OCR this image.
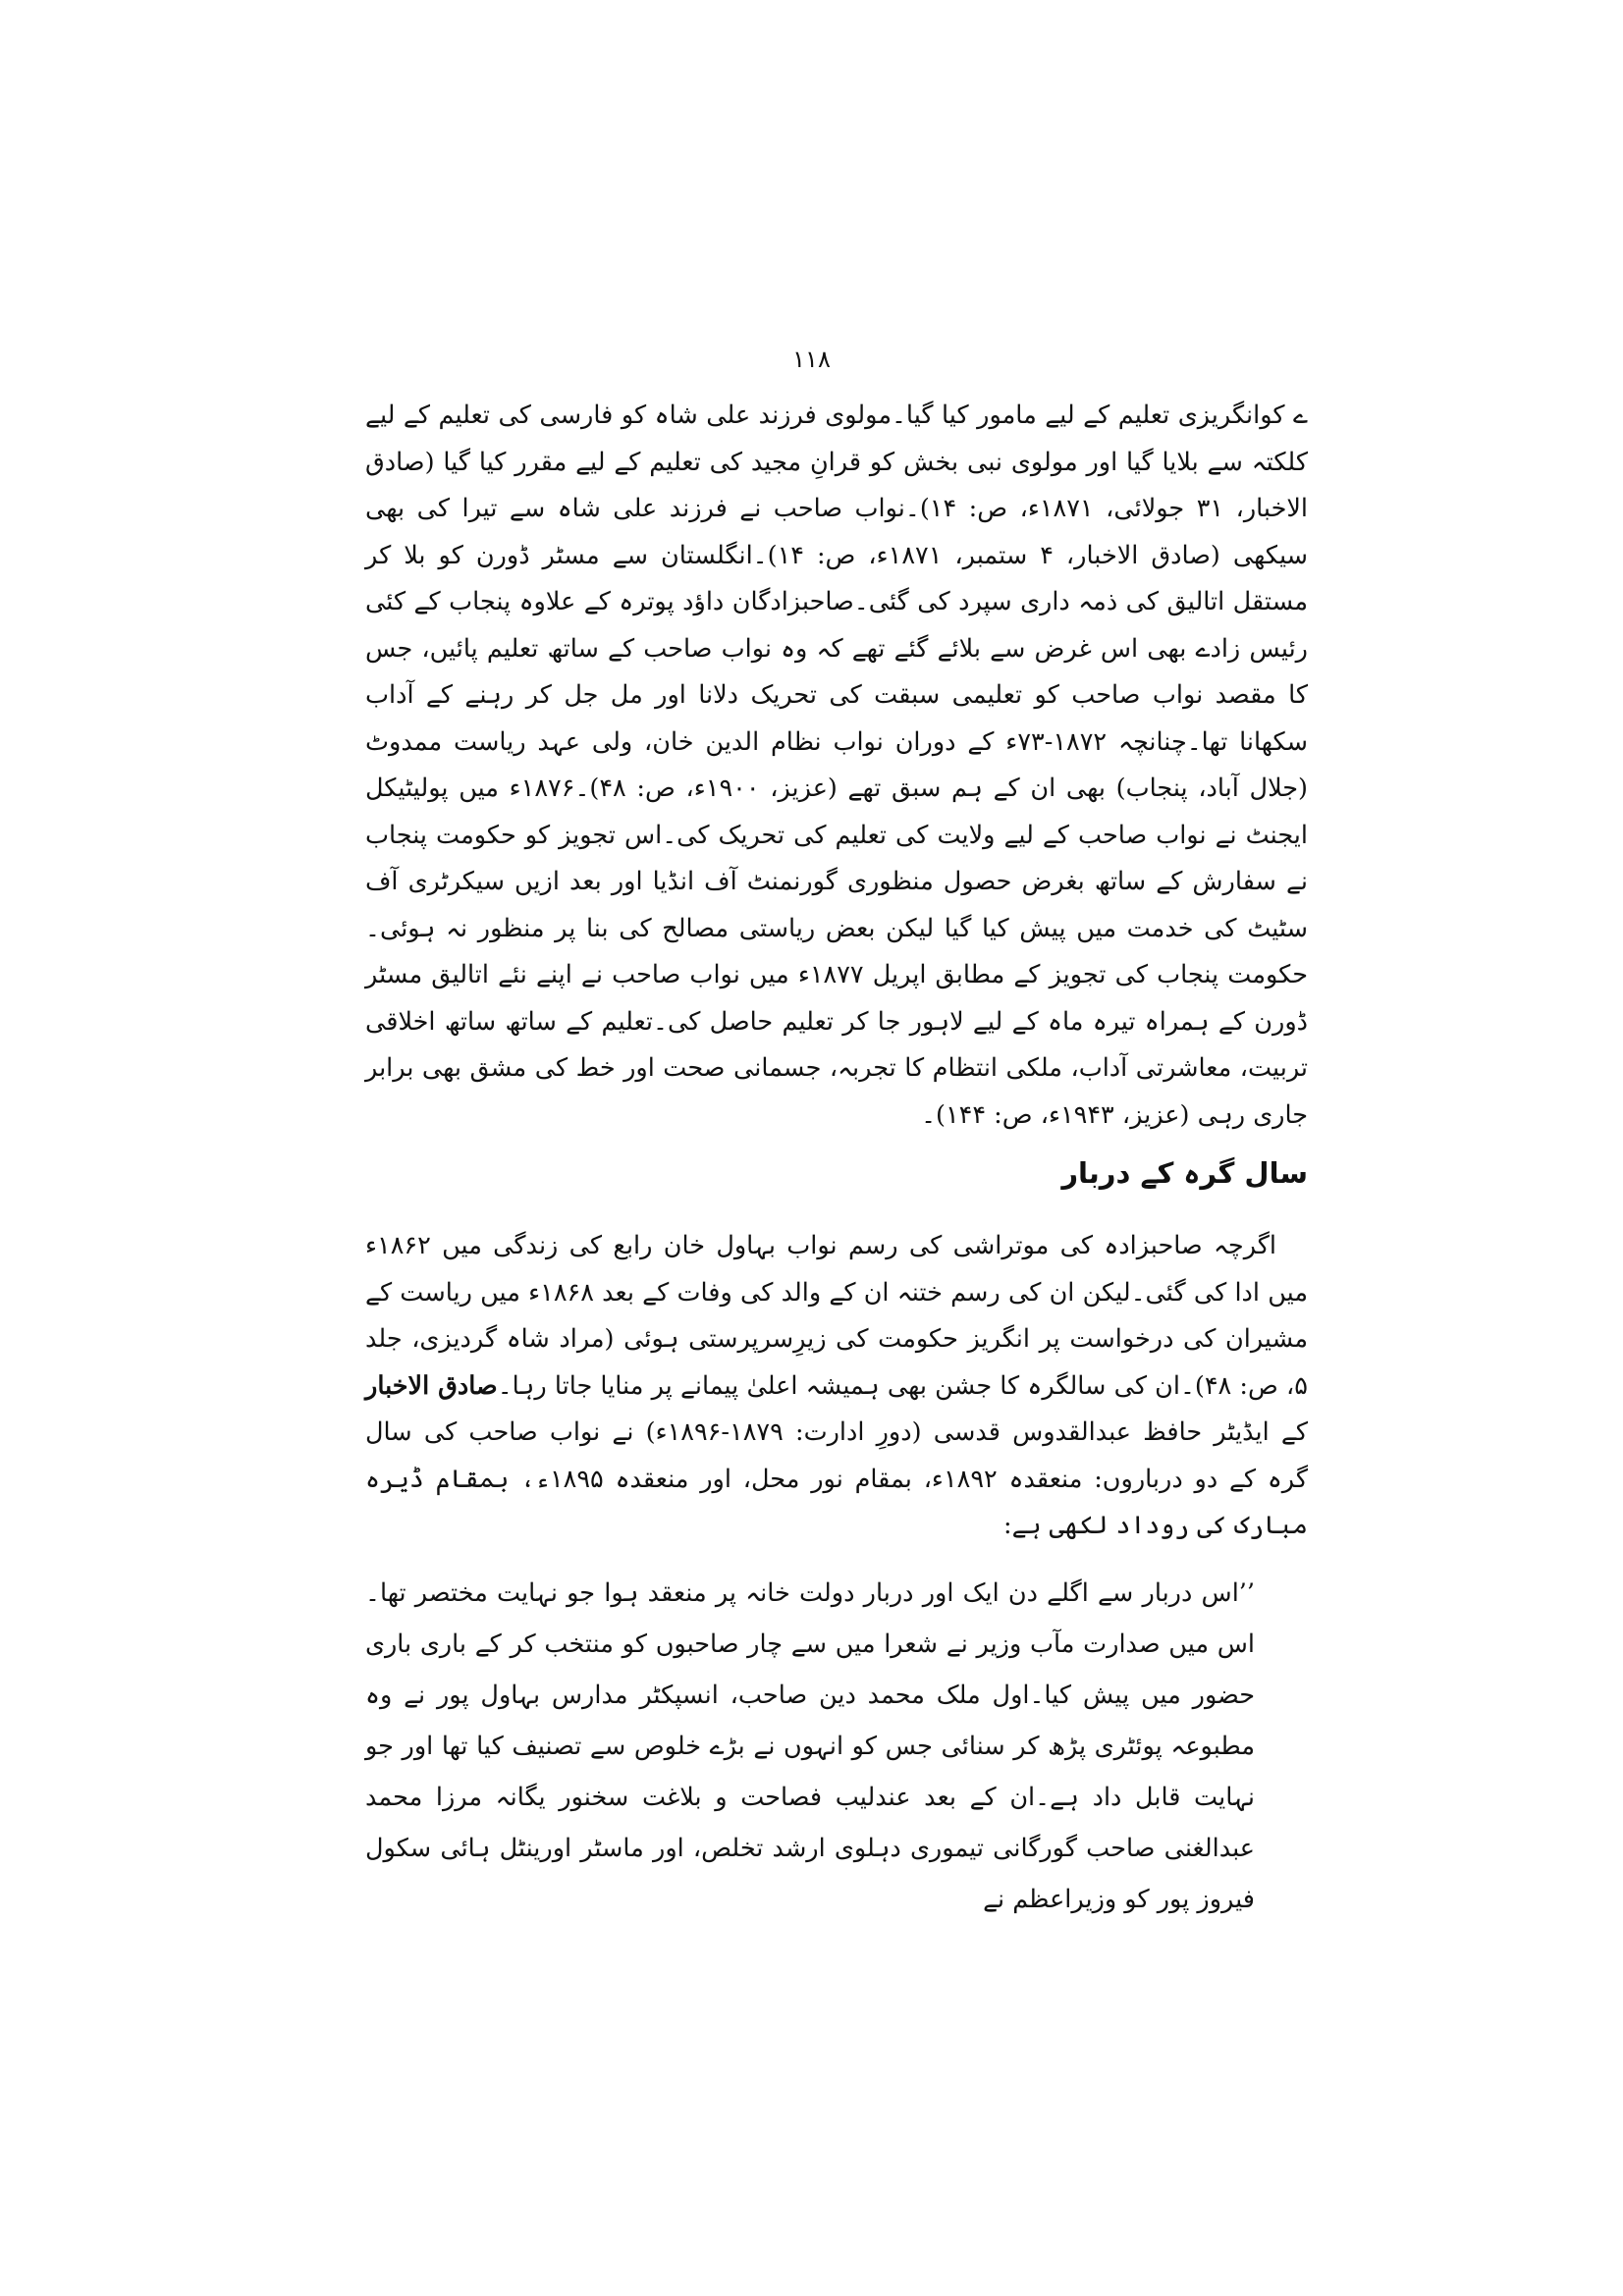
۱۱۸

ے کوانگریزی تعلیم کے لیے مامور کیا گیا۔مولوی فرزند علی شاہ کو فارسی کی تعلیم کے لیے کلکتہ سے بلایا گیا اور مولوی نبی بخش کو قرانِ مجید کی تعلیم کے لیے مقرر کیا گیا (صادق الاخبار، ۳۱ جولائی، ۱۸۷۱ء، ص: ۱۴)۔نواب صاحب نے فرزند علی شاہ سے تیرا کی بھی سیکھی (صادق الاخبار، ۴ ستمبر، ۱۸۷۱ء، ص: ۱۴)۔انگلستان سے مسٹر ڈورن کو بلا کر مستقل اتالیق کی ذمہ داری سپرد کی گئی۔صاحبزادگان داؤد پوترہ کے علاوہ پنجاب کے کئی رئیس زادے بھی اس غرض سے بلائے گئے تھے کہ وہ نواب صاحب کے ساتھ تعلیم پائیں، جس کا مقصد نواب صاحب کو تعلیمی سبقت کی تحریک دلانا اور مل جل کر رہنے کے آداب سکھانا تھا۔چنانچہ ۱۸۷۲-۷۳ء کے دوران نواب نظام الدین خان، ولی عہد ریاست ممدوٹ (جلال آباد، پنجاب) بھی ان کے ہم سبق تھے (عزیز، ۱۹۰۰ء، ص: ۴۸)۔۱۸۷۶ء میں پولیٹیکل ایجنٹ نے نواب صاحب کے لیے ولایت کی تعلیم کی تحریک کی۔اس تجویز کو حکومت پنجاب نے سفارش کے ساتھ بغرض حصول منظوری گورنمنٹ آف انڈیا اور بعد ازیں سیکرٹری آف سٹیٹ کی خدمت میں پیش کیا گیا لیکن بعض ریاستی مصالح کی بنا پر منظور نہ ہوئی۔حکومت پنجاب کی تجویز کے مطابق اپریل ۱۸۷۷ء میں نواب صاحب نے اپنے نئے اتالیق مسٹر ڈورن کے ہمراہ تیرہ ماہ کے لیے لاہور جا کر تعلیم حاصل کی۔تعلیم کے ساتھ ساتھ اخلاقی تربیت، معاشرتی آداب، ملکی انتظام کا تجربہ، جسمانی صحت اور خط کی مشق بھی برابر جاری رہی (عزیز، ۱۹۴۳ء، ص: ۱۴۴)۔

سال گرہ کے دربار

اگرچہ صاحبزادہ کی موتراشی کی رسم نواب بہاول خان رابع کی زندگی میں ۱۸۶۲ء میں ادا کی گئی۔لیکن ان کی رسم ختنہ ان کے والد کی وفات کے بعد ۱۸۶۸ء میں ریاست کے مشیران کی درخواست پر انگریز حکومت کی زیرِسرپرستی ہوئی (مراد شاہ گردیزی، جلد ۵، ص: ۴۸)۔ان کی سالگرہ کا جشن بھی ہمیشہ اعلیٰ پیمانے پر منایا جاتا رہا۔صادق الاخبار کے ایڈیٹر حافظ عبدالقدوس قدسی (دورِ ادارت: ۱۸۷۹-۱۸۹۶ء) نے نواب صاحب کی سال گرہ کے دو درباروں: منعقدہ ۱۸۹۲ء، بمقام نور محل، اور منعقدہ ۱۸۹۵ء، بمقام ڈیرہ مبارک کی روداد لکھی ہے:

’’اس دربار سے اگلے دن ایک اور دربار دولت خانہ پر منعقد ہوا جو نہایت مختصر تھا۔اس میں صدارت مآب وزیر نے شعرا میں سے چار صاحبوں کو منتخب کر کے باری باری حضور میں پیش کیا۔اول ملک محمد دین صاحب، انسپکٹر مدارس بہاول پور نے وہ مطبوعہ پوئٹری پڑھ کر سنائی جس کو انہوں نے بڑے خلوص سے تصنیف کیا تھا اور جو نہایت قابل داد ہے۔ان کے بعد عندلیب فصاحت و بلاغت سخنور یگانہ مرزا محمد عبدالغنی صاحب گورگانی تیموری دہلوی ارشد تخلص، اور ماسٹر اورینٹل ہائی سکول فیروز پور کو وزیراعظم نے
